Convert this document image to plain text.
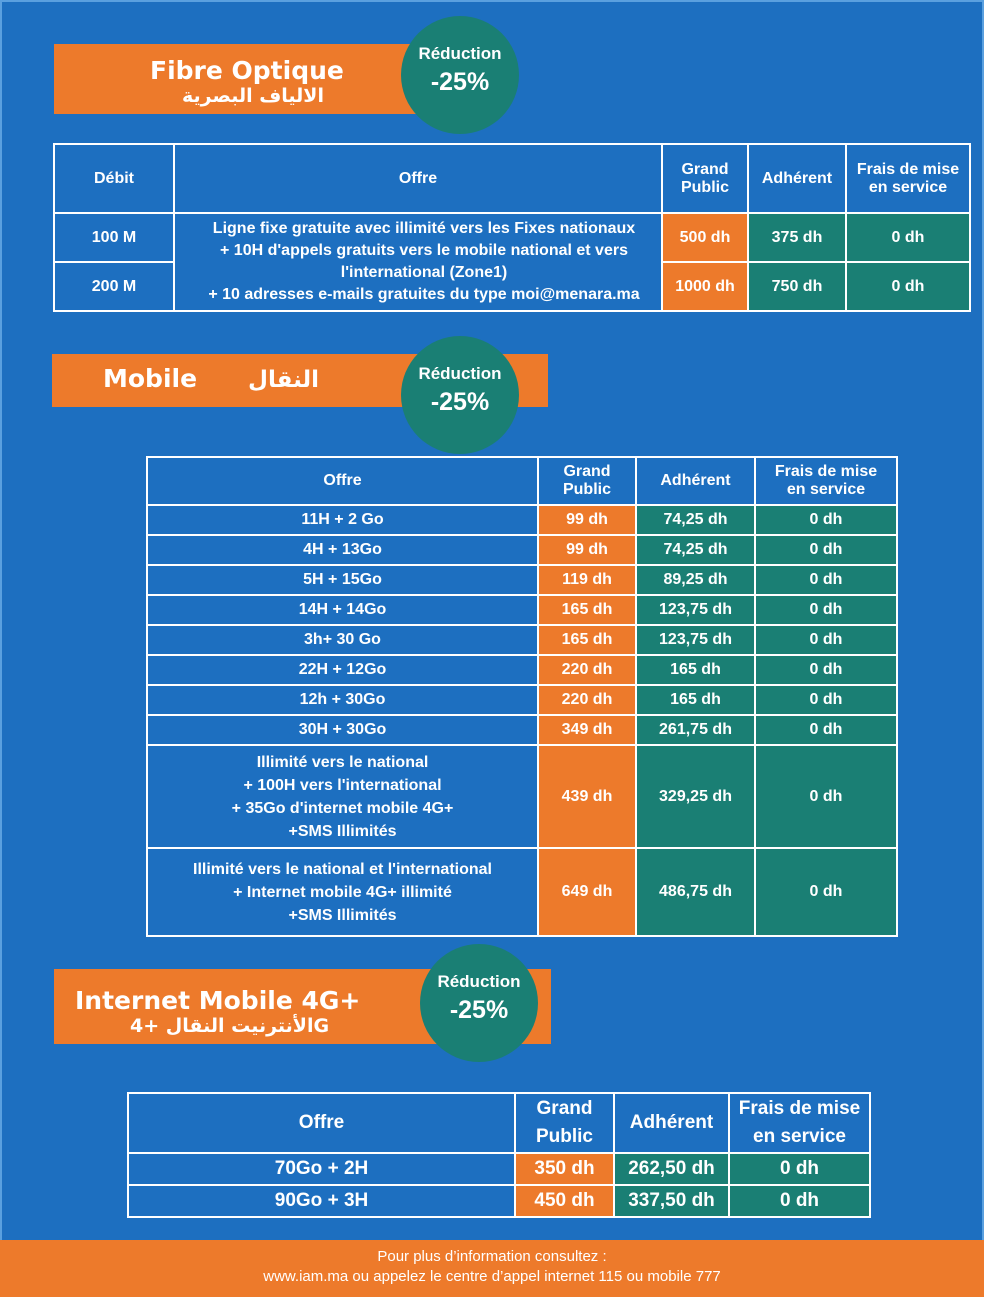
Fibre Optique
الالياف البصرية
Réduction
-25%
Débit	Offre	Grand Public	Adhérent	Frais de mise en service
100 M	Ligne fixe gratuite avec illimité vers les Fixes nationaux
+ 10H d'appels gratuits vers le mobile national et vers
l'international (Zone1)
+ 10 adresses e-mails gratuites du type moi@menara.ma	500 dh	375 dh	0 dh
200 M		1000 dh	750 dh	0 dh
Mobile النقال	Réduction
-25%
Offre	Grand Public	Adhérent	Frais de mise en service
11H + 2 Go	99 dh	74,25 dh	0 dh
4H + 13Go	99 dh	74,25 dh	0 dh
5H + 15Go	119 dh	89,25 dh	0 dh
14H + 14Go	165 dh	123,75 dh	0 dh
3h+ 30 Go	165 dh	123,75 dh	0 dh
22H + 12Go	220 dh	165 dh	0 dh
12h + 30Go	220 dh	165 dh	0 dh
30H + 30Go	349 dh	261,75 dh	0 dh

Illimité vers le national
+ 100H vers l'international
+ 35Go d'internet mobile 4G+
+SMS Illimités	439 dh	329,25 dh	0 dh

Illimité vers le national et l'international
+ Internet mobile 4G+ illimité
+SMS Illimités	649 dh	486,75 dh	0 dh
Internet Mobile 4G+
الأنترنيت النقال +4G
Réduction
-25%
Offre	Grand Public	Adhérent	Frais de mise en service
70Go + 2H	350 dh	262,50 dh	0 dh
90Go + 3H	450 dh	337,50 dh	0 dh
Pour plus d’information consultez :
www.iam.ma ou appelez le centre d’appel internet 115 ou mobile 777
